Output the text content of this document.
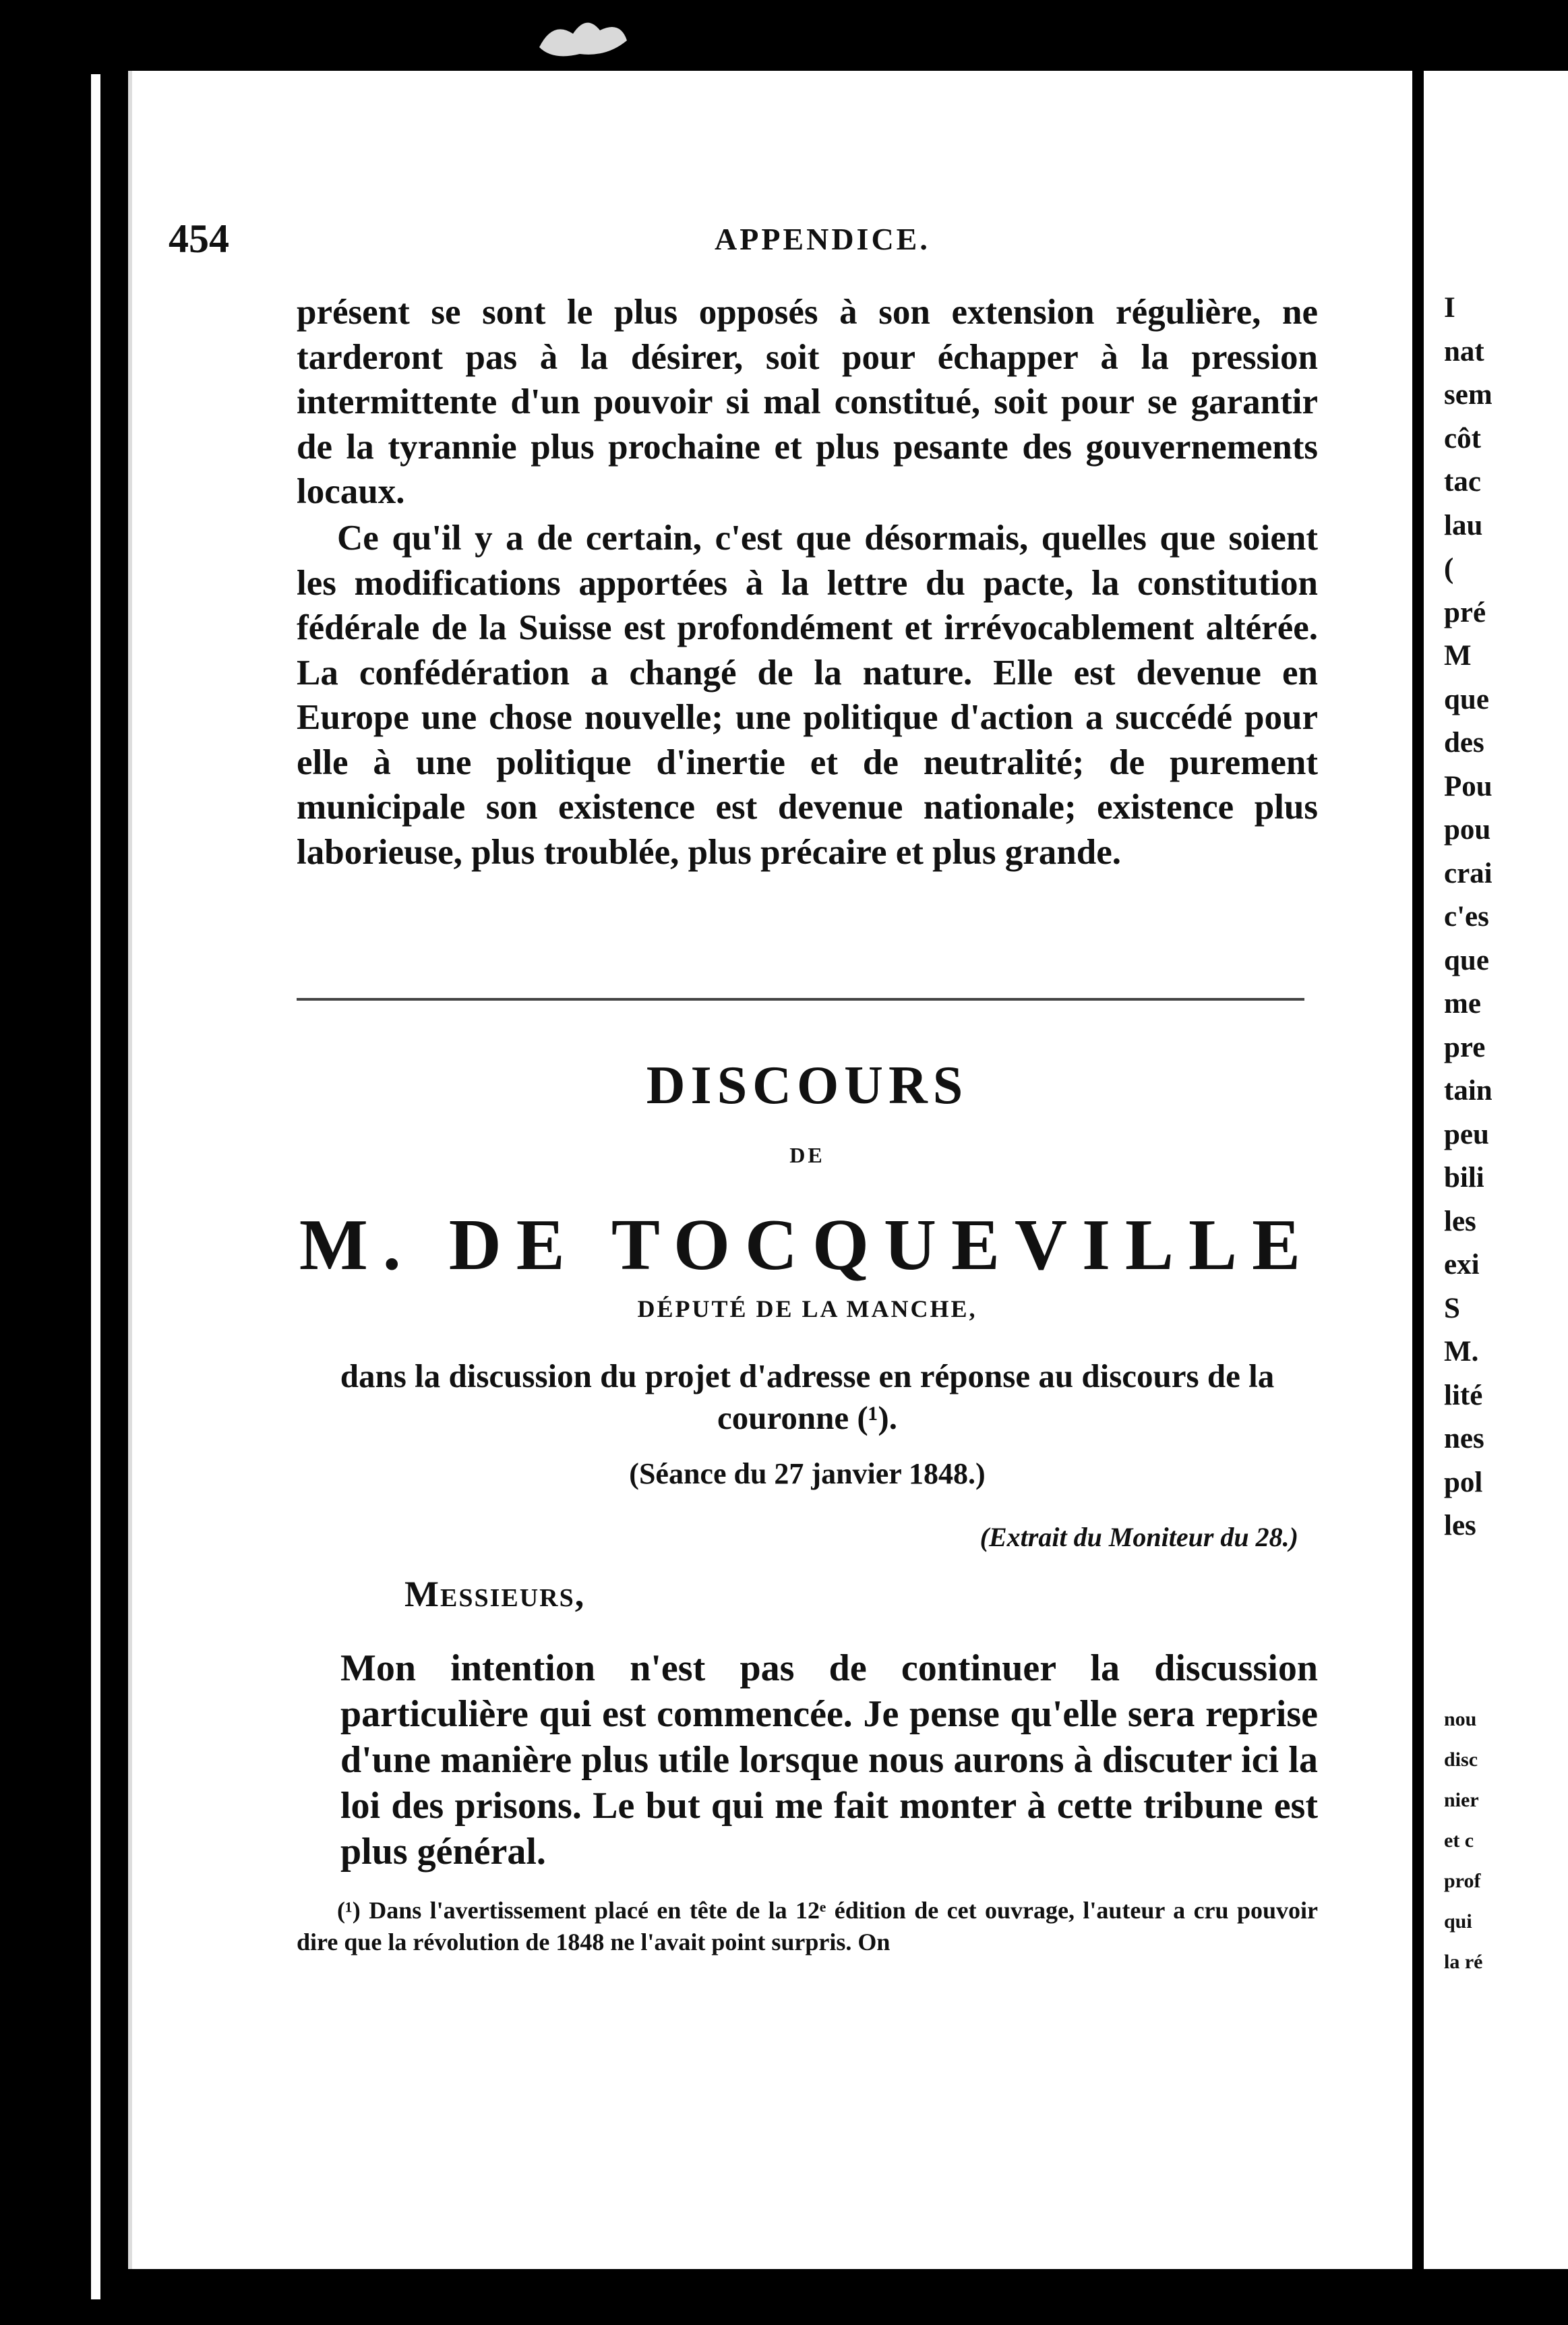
454	APPENDICE.

présent se sont le plus opposés à son extension régulière, ne tarderont pas à la désirer, soit pour échapper à la pression intermittente d'un pouvoir si mal constitué, soit pour se garantir de la tyrannie plus prochaine et plus pesante des gouvernements locaux.

Ce qu'il y a de certain, c'est que désormais, quelles que soient les modifications apportées à la lettre du pacte, la constitution fédérale de la Suisse est profondément et irrévocablement altérée. La confédération a changé de la nature. Elle est devenue en Europe une chose nouvelle; une politique d'action a succédé pour elle à une politique d'inertie et de neutralité; de purement municipale son existence est devenue nationale; existence plus laborieuse, plus troublée, plus précaire et plus grande.

DISCOURS

DE

M. DE TOCQUEVILLE

DÉPUTÉ DE LA MANCHE,

dans la discussion du projet d'adresse en réponse au discours de la couronne (¹).

(Séance du 27 janvier 1848.)

(Extrait du Moniteur du 28.)
Messieurs,

Mon intention n'est pas de continuer la discussion particulière qui est commencée. Je pense qu'elle sera reprise d'une manière plus utile lorsque nous aurons à discuter ici la loi des prisons. Le but qui me fait monter à cette tribune est plus général.

(¹) Dans l'avertissement placé en tête de la 12ᵉ édition de cet ouvrage, l'auteur a cru pouvoir dire que la révolution de 1848 ne l'avait point surpris. On

I
nat
sem
côt
tac
lau
(
pré
M
que
des
Pou
pou
crai
c'es
que
me
pre
tain
peu
bili
les
exi
S
M.
lité
nes
pol
les
nou
disc
nier
et c
prof
qui
la ré
